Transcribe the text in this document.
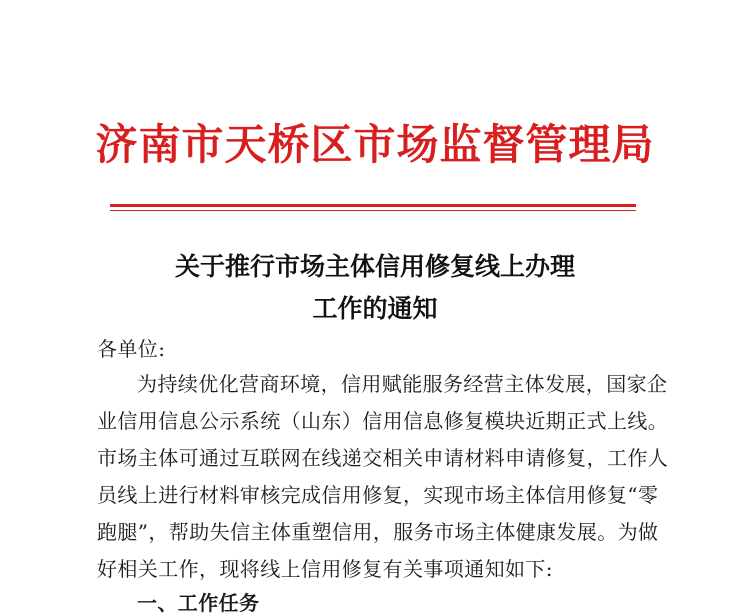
济南市天桥区市场监督管理局
关于推行市场主体信用修复线上办理
工作的通知
各单位:
为持续优化营商环境，信用赋能服务经营主体发展，国家企
业信用信息公示系统（山东）信用信息修复模块近期正式上线。
市场主体可通过互联网在线递交相关申请材料申请修复，工作人
员线上进行材料审核完成信用修复，实现市场主体信用修复“零
跑腿”，帮助失信主体重塑信用，服务市场主体健康发展。为做
好相关工作，现将线上信用修复有关事项通知如下:
一、工作任务
